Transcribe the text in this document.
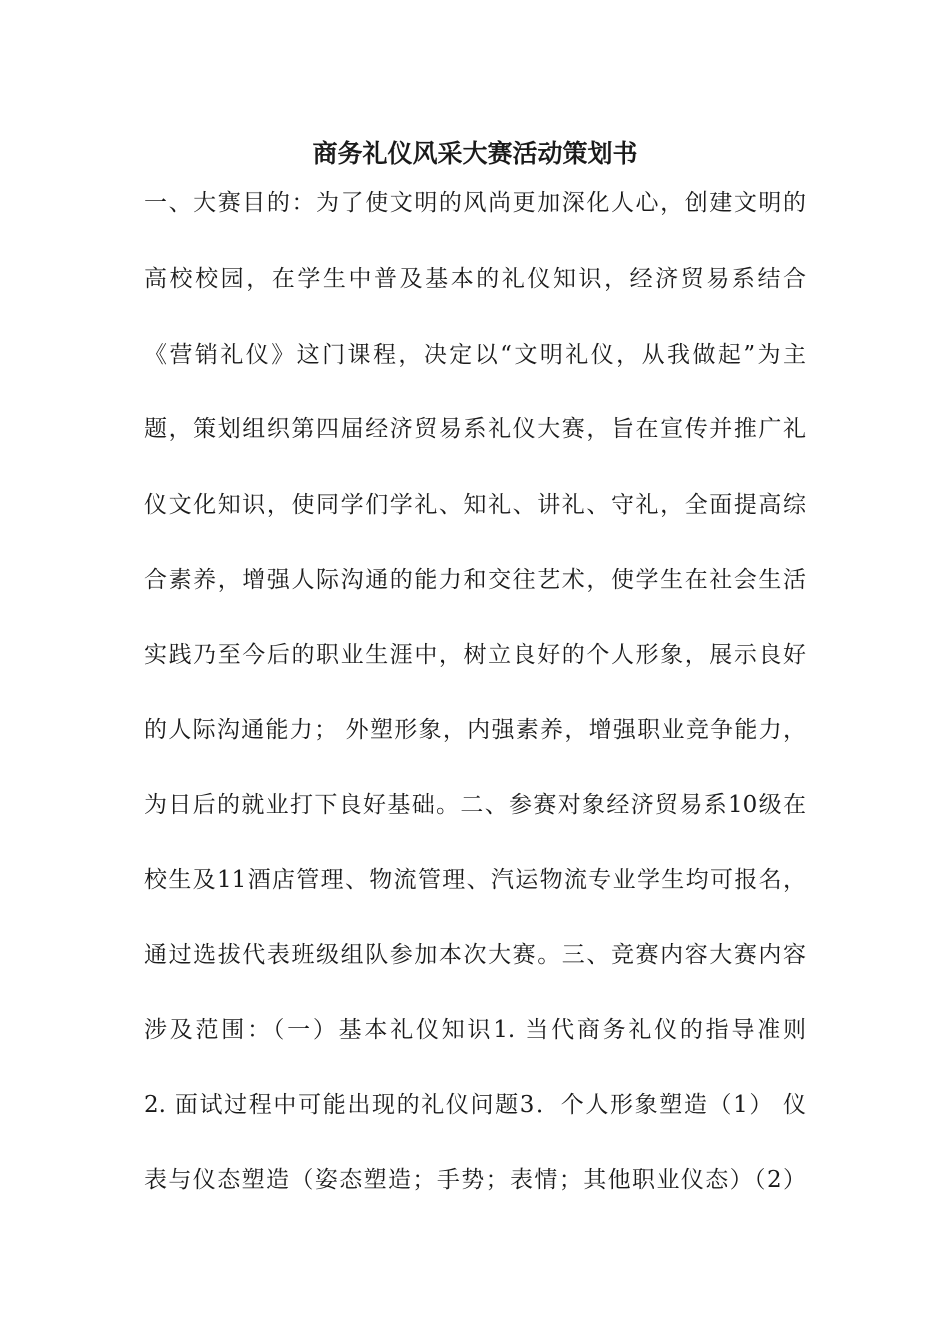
商务礼仪风采大赛活动策划书
一、大赛目的：为了使文明的风尚更加深化人心，创建文明的
高校校园，在学生中普及基本的礼仪知识，经济贸易系结合
《营销礼仪》这门课程，决定以“文明礼仪，从我做起”为主
题，策划组织第四届经济贸易系礼仪大赛，旨在宣传并推广礼
仪文化知识，使同学们学礼、知礼、讲礼、守礼，全面提高综
合素养，增强人际沟通的能力和交往艺术，使学生在社会生活
实践乃至今后的职业生涯中，树立良好的个人形象，展示良好
的人际沟通能力； 外塑形象，内强素养，增强职业竞争能力，
为日后的就业打下良好基础。二、参赛对象经济贸易系10级在
校生及11酒店管理、物流管理、汽运物流专业学生均可报名，
通过选拔代表班级组队参加本次大赛。三、竞赛内容大赛内容
涉及范围：（一）基本礼仪知识1. 当代商务礼仪的指导准则
2. 面试过程中可能出现的礼仪问题3．个人形象塑造（1） 仪
表与仪态塑造（姿态塑造；手势；表情；其他职业仪态）（2）
